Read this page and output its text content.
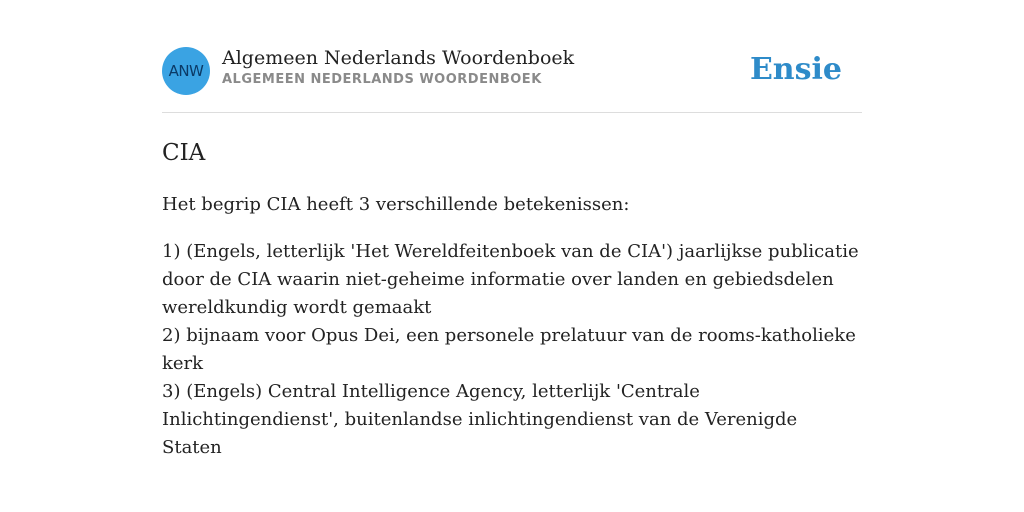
ANW
Algemeen Nederlands Woordenboek
ALGEMEEN NEDERLANDS WOORDENBOEK	Ensie
CIA

Het begrip CIA heeft 3 verschillende betekenissen:

1) (Engels, letterlijk 'Het Wereldfeitenboek van de CIA') jaarlijkse publicatie door de CIA waarin niet-geheime informatie over landen en gebiedsdelen wereldkundig wordt gemaakt
2) bijnaam voor Opus Dei, een personele prelatuur van de rooms-katholieke kerk
3) (Engels) Central Intelligence Agency, letterlijk 'Centrale Inlichtingendienst', buitenlandse inlichtingendienst van de Verenigde Staten
